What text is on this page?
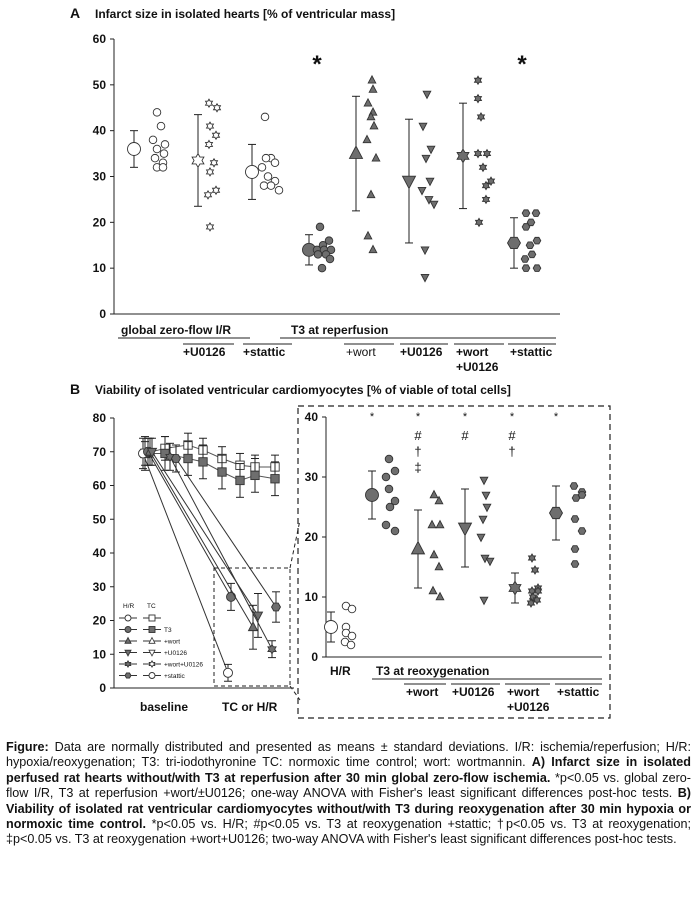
A Infarct size in isolated hearts [% of ventricular mass]
0
10
20
30
40
50
60
*	*
global zero-flow I/R	T3 at reperfusion
+U0126 +stattic	+wort +U0126 +wort
+U0126
+stattic
B Viability of isolated ventricular cardiomyocytes [% of viable of total cells]
0
10
20
30
40
50
60
70
80
H/R TC
T3
+wort
+U0126
+wort+U0126
+stattic
baseline	TC or H/R
0
10
20
30
40	*	*
#
†
‡
*
#
*
#
†
*
H/R T3 at reoxygenation
+wort +U0126 +wort
+U0126
+stattic
Figure: Data are normally distributed and presented as means ± standard deviations. I/R: ischemia/reperfusion; H/R: hypoxia/reoxygenation; T3: tri-iodothyronine TC: normoxic time control; wort: wortmannin. A) Infarct size in isolated perfused rat hearts without/with T3 at reperfusion after 30 min global zero-flow ischemia. *p<0.05 vs. global zero-flow I/R, T3 at reperfusion +wort/±U0126; one-way ANOVA with Fisher's least significant differences post-hoc tests. B) Viability of isolated rat ventricular cardiomyocytes without/with T3 during reoxygenation after 30 min hypoxia or normoxic time control. *p<0.05 vs. H/R; #p<0.05 vs. T3 at reoxygenation +stattic; †p<0.05 vs. T3 at reoxygenation; ‡p<0.05 vs. T3 at reoxygenation +wort+U0126; two-way ANOVA with Fisher's least significant differences post-hoc tests.
